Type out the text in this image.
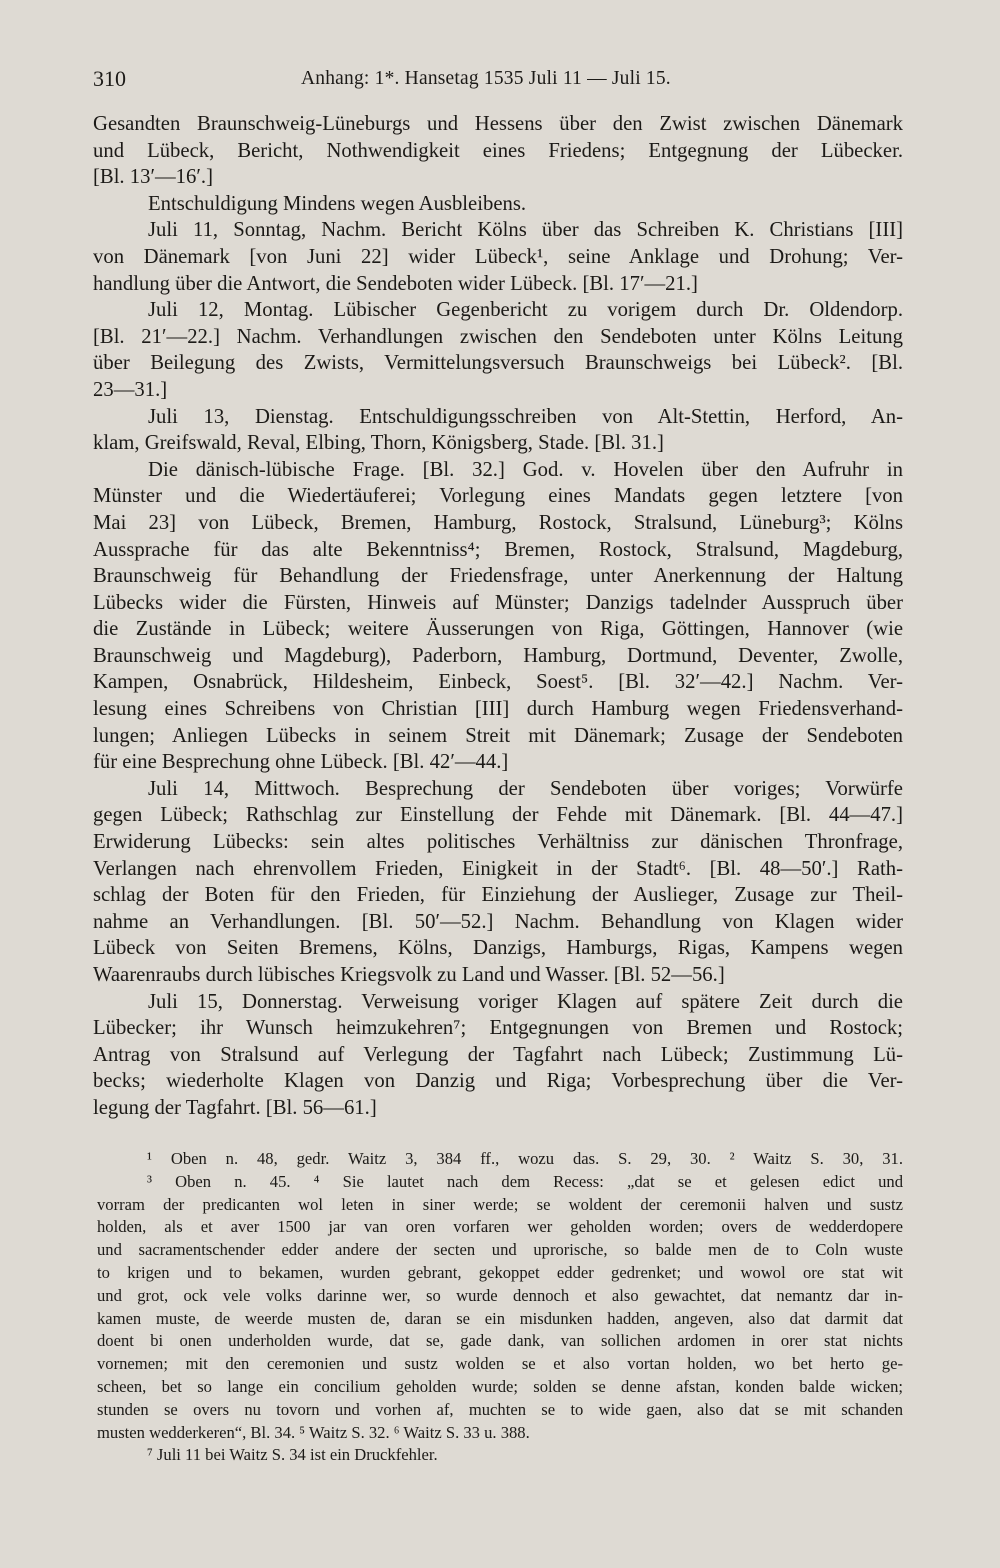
310	Anhang: 1*. Hansetag 1535 Juli 11 — Juli 15.
Gesandten Braunschweig-Lüneburgs und Hessens über den Zwist zwischen Dänemark
und Lübeck, Bericht, Nothwendigkeit eines Friedens; Entgegnung der Lübecker.
[Bl. 13′—16′.]
Entschuldigung Mindens wegen Ausbleibens.
Juli 11, Sonntag, Nachm. Bericht Kölns über das Schreiben K. Christians [III]
von Dänemark [von Juni 22] wider Lübeck¹, seine Anklage und Drohung; Ver-
handlung über die Antwort, die Sendeboten wider Lübeck. [Bl. 17′—21.]
Juli 12, Montag. Lübischer Gegenbericht zu vorigem durch Dr. Oldendorp.
[Bl. 21′—22.] Nachm. Verhandlungen zwischen den Sendeboten unter Kölns Leitung
über Beilegung des Zwists, Vermittelungsversuch Braunschweigs bei Lübeck². [Bl.
23—31.]
Juli 13, Dienstag. Entschuldigungsschreiben von Alt-Stettin, Herford, An-
klam, Greifswald, Reval, Elbing, Thorn, Königsberg, Stade. [Bl. 31.]
Die dänisch-lübische Frage. [Bl. 32.] God. v. Hovelen über den Aufruhr in
Münster und die Wiedertäuferei; Vorlegung eines Mandats gegen letztere [von
Mai 23] von Lübeck, Bremen, Hamburg, Rostock, Stralsund, Lüneburg³; Kölns
Aussprache für das alte Bekenntniss⁴; Bremen, Rostock, Stralsund, Magdeburg,
Braunschweig für Behandlung der Friedensfrage, unter Anerkennung der Haltung
Lübecks wider die Fürsten, Hinweis auf Münster; Danzigs tadelnder Ausspruch über
die Zustände in Lübeck; weitere Äusserungen von Riga, Göttingen, Hannover (wie
Braunschweig und Magdeburg), Paderborn, Hamburg, Dortmund, Deventer, Zwolle,
Kampen, Osnabrück, Hildesheim, Einbeck, Soest⁵. [Bl. 32′—42.] Nachm. Ver-
lesung eines Schreibens von Christian [III] durch Hamburg wegen Friedensverhand-
lungen; Anliegen Lübecks in seinem Streit mit Dänemark; Zusage der Sendeboten
für eine Besprechung ohne Lübeck. [Bl. 42′—44.]
Juli 14, Mittwoch. Besprechung der Sendeboten über voriges; Vorwürfe
gegen Lübeck; Rathschlag zur Einstellung der Fehde mit Dänemark. [Bl. 44—47.]
Erwiderung Lübecks: sein altes politisches Verhältniss zur dänischen Thronfrage,
Verlangen nach ehrenvollem Frieden, Einigkeit in der Stadt⁶. [Bl. 48—50′.] Rath-
schlag der Boten für den Frieden, für Einziehung der Auslieger, Zusage zur Theil-
nahme an Verhandlungen. [Bl. 50′—52.] Nachm. Behandlung von Klagen wider
Lübeck von Seiten Bremens, Kölns, Danzigs, Hamburgs, Rigas, Kampens wegen
Waarenraubs durch lübisches Kriegsvolk zu Land und Wasser. [Bl. 52—56.]
Juli 15, Donnerstag. Verweisung voriger Klagen auf spätere Zeit durch die
Lübecker; ihr Wunsch heimzukehren⁷; Entgegnungen von Bremen und Rostock;
Antrag von Stralsund auf Verlegung der Tagfahrt nach Lübeck; Zustimmung Lü-
becks; wiederholte Klagen von Danzig und Riga; Vorbesprechung über die Ver-
legung der Tagfahrt. [Bl. 56—61.]
¹ Oben n. 48, gedr. Waitz 3, 384 ff., wozu das. S. 29, 30. ² Waitz S. 30, 31.
³ Oben n. 45. ⁴ Sie lautet nach dem Recess: „dat se et gelesen edict und
vorram der predicanten wol leten in siner werde; se woldent der ceremonii halven und sustz
holden, als et aver 1500 jar van oren vorfaren wer geholden worden; overs de wedderdopere
und sacramentschender edder andere der secten und uprorische, so balde men de to Coln wuste
to krigen und to bekamen, wurden gebrant, gekoppet edder gedrenket; und wowol ore stat wit
und grot, ock vele volks darinne wer, so wurde dennoch et also gewachtet, dat nemantz dar in-
kamen muste, de weerde musten de, daran se ein misdunken hadden, angeven, also dat darmit dat
doent bi onen underholden wurde, dat se, gade dank, van sollichen ardomen in orer stat nichts
vornemen; mit den ceremonien und sustz wolden se et also vortan holden, wo bet herto ge-
scheen, bet so lange ein concilium geholden wurde; solden se denne afstan, konden balde wicken;
stunden se overs nu tovorn und vorhen af, muchten se to wide gaen, also dat se mit schanden
musten wedderkeren“, Bl. 34. ⁵ Waitz S. 32. ⁶ Waitz S. 33 u. 388.
⁷ Juli 11 bei Waitz S. 34 ist ein Druckfehler.
